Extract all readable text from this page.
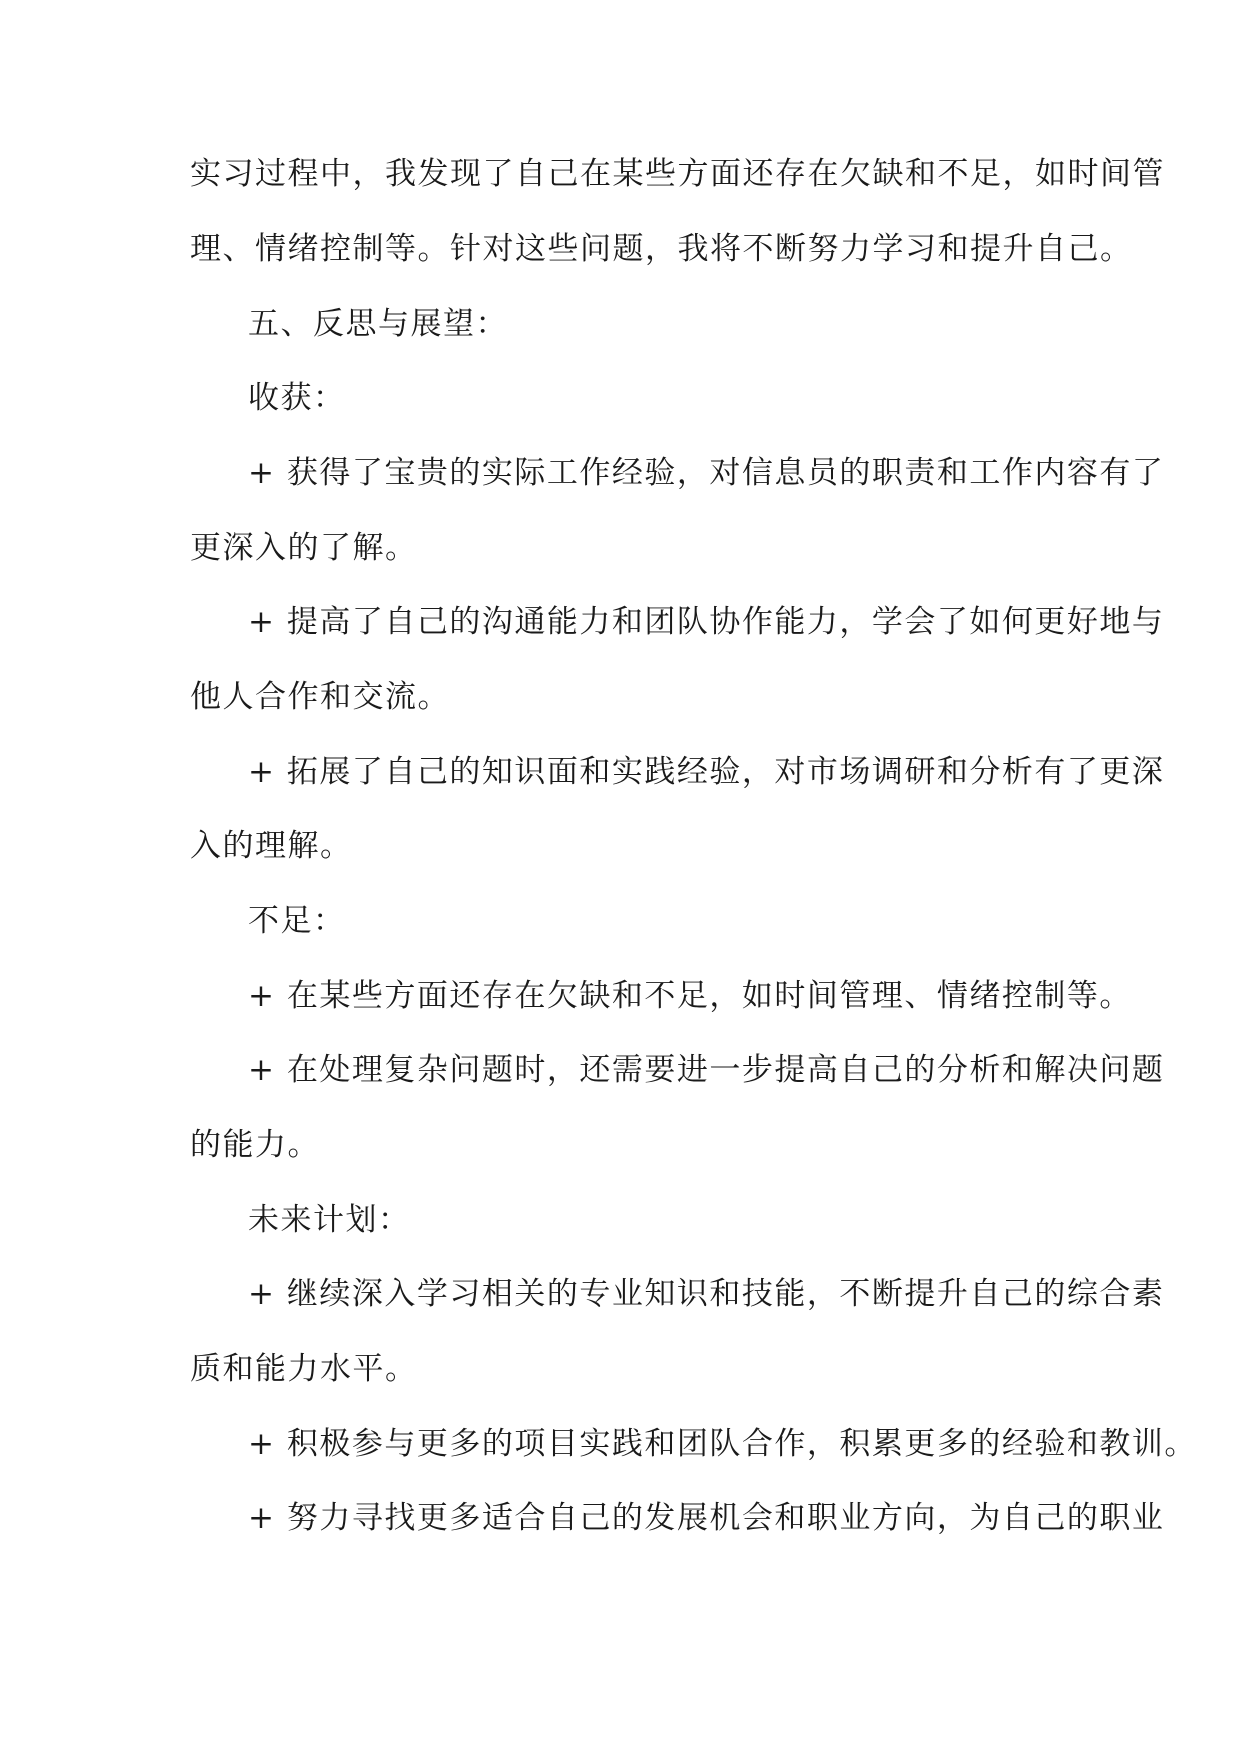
实习过程中，我发现了自己在某些方面还存在欠缺和不足，如时间管
理、情绪控制等。针对这些问题，我将不断努力学习和提升自己。
五、反思与展望：
收获：
+ 获得了宝贵的实际工作经验，对信息员的职责和工作内容有了
更深入的了解。
+ 提高了自己的沟通能力和团队协作能力，学会了如何更好地与
他人合作和交流。
+ 拓展了自己的知识面和实践经验，对市场调研和分析有了更深
入的理解。
不足：
+ 在某些方面还存在欠缺和不足，如时间管理、情绪控制等。
+ 在处理复杂问题时，还需要进一步提高自己的分析和解决问题
的能力。
未来计划：
+ 继续深入学习相关的专业知识和技能，不断提升自己的综合素
质和能力水平。
+ 积极参与更多的项目实践和团队合作，积累更多的经验和教训。
+ 努力寻找更多适合自己的发展机会和职业方向，为自己的职业
